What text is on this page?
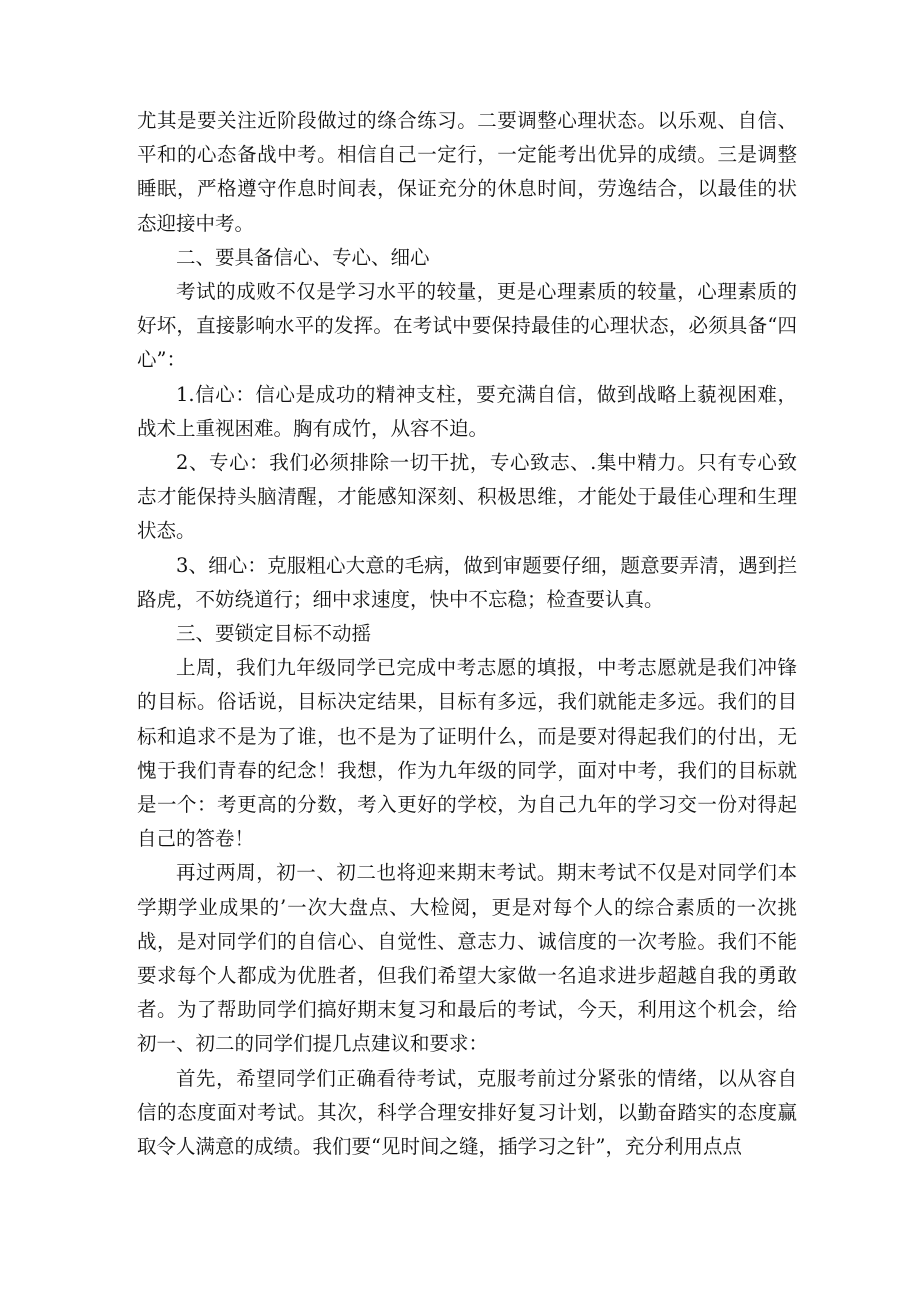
尤其是要关注近阶段做过的绦合练习。二要调整心理状态。以乐观、自信、平和的心态备战中考。相信自己一定行，一定能考出优异的成绩。三是调整睡眠，严格遵守作息时间表，保证充分的休息时间，劳逸结合，以最佳的状态迎接中考。

二、要具备信心、专心、细心

考试的成败不仅是学习水平的较量，更是心理素质的较量，心理素质的好坏，直接影响水平的发挥。在考试中要保持最佳的心理状态，必须具备“四心”：

1.信心：信心是成功的精神支柱，要充满自信，做到战略上藐视困难，战术上重视困难。胸有成竹，从容不迫。

2、专心：我们必须排除一切干扰，专心致志、.集中精力。只有专心致志才能保持头脑清醒，才能感知深刻、积极思维，才能处于最佳心理和生理状态。

3、细心：克服粗心大意的毛病，做到审题要仔细，题意要弄清，遇到拦路虎，不妨绕道行；细中求速度，快中不忘稳；检查要认真。

三、要锁定目标不动摇

上周，我们九年级同学已完成中考志愿的填报，中考志愿就是我们冲锋的目标。俗话说，目标决定结果，目标有多远，我们就能走多远。我们的目标和追求不是为了谁，也不是为了证明什么，而是要对得起我们的付出，无愧于我们青春的纪念！我想，作为九年级的同学，面对中考，我们的目标就是一个：考更高的分数，考入更好的学校，为自己九年的学习交一份对得起自己的答卷！

再过两周，初一、初二也将迎来期末考试。期末考试不仅是对同学们本学期学业成果的’一次大盘点、大检阅，更是对每个人的综合素质的一次挑战，是对同学们的自信心、自觉性、意志力、诚信度的一次考脸。我们不能要求每个人都成为优胜者，但我们希望大家做一名追求进步超越自我的勇敢者。为了帮助同学们搞好期末复习和最后的考试，今天，利用这个机会，给初一、初二的同学们提几点建议和要求：

首先，希望同学们正确看待考试，克服考前过分紧张的情绪，以从容自信的态度面对考试。其次，科学合理安排好复习计划，以勤奋踏实的态度赢取令人满意的成绩。我们要“见时间之缝，插学习之针”，充分利用点点
